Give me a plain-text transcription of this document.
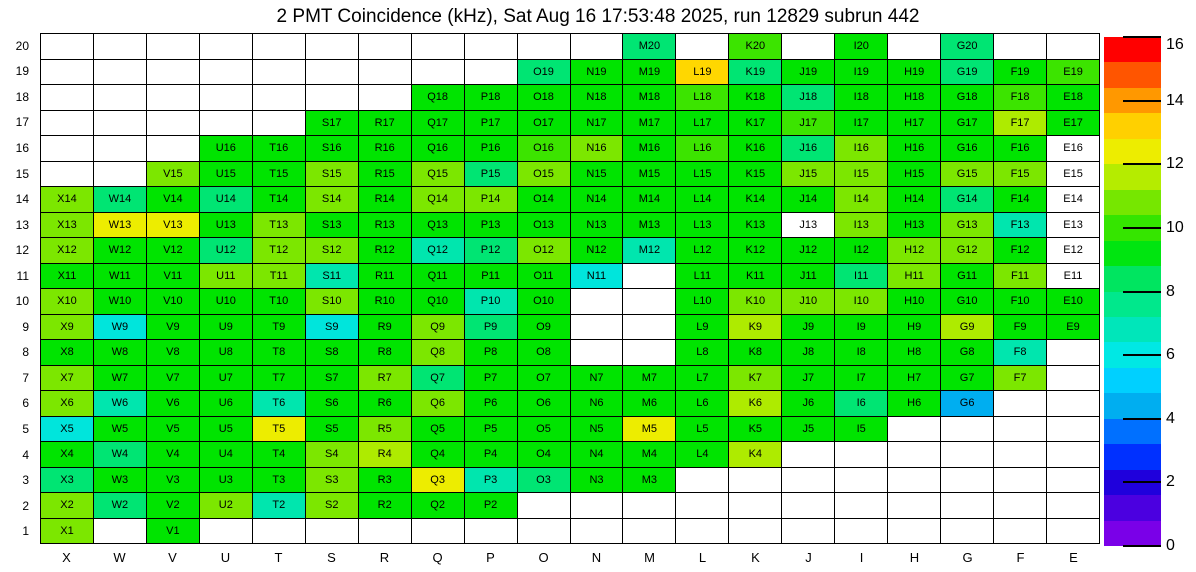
2 PMT Coincidence (kHz), Sat Aug 16 17:53:48 2025, run 12829 subrun 442
20
19
18
17
16
15
14
13
12
11
10
9
8
7
6
5
4
3
2
1
M20	K20	I20	G20
O19	N19	M19	L19	K19	J19	I19	H19	G19	F19	E19
Q18	P18	O18	N18	M18	L18	K18	J18	I18	H18	G18	F18	E18
S17	R17	Q17	P17	O17	N17	M17	L17	K17	J17	I17	H17	G17	F17	E17
U16	T16	S16	R16	Q16	P16	O16	N16	M16	L16	K16	J16	I16	H16	G16	F16	E16
V15	U15	T15	S15	R15	Q15	P15	O15	N15	M15	L15	K15	J15	I15	H15	G15	F15	E15
X14	W14	V14	U14	T14	S14	R14	Q14	P14	O14	N14	M14	L14	K14	J14	I14	H14	G14	F14	E14
X13	W13	V13	U13	T13	S13	R13	Q13	P13	O13	N13	M13	L13	K13	J13	I13	H13	G13	F13	E13
X12	W12	V12	U12	T12	S12	R12	Q12	P12	O12	N12	M12	L12	K12	J12	I12	H12	G12	F12	E12
X11	W11	V11	U11	T11	S11	R11	Q11	P11	O11	N11	L11	K11	J11	I11	H11	G11	F11	E11
X10	W10	V10	U10	T10	S10	R10	Q10	P10	O10	L10	K10	J10	I10	H10	G10	F10	E10
X9	W9	V9	U9	T9	S9	R9	Q9	P9	O9	L9	K9	J9	I9	H9	G9	F9	E9
X8	W8	V8	U8	T8	S8	R8	Q8	P8	O8	L8	K8	J8	I8	H8	G8	F8
X7	W7	V7	U7	T7	S7	R7	Q7	P7	O7	N7	M7	L7	K7	J7	I7	H7	G7	F7
X6	W6	V6	U6	T6	S6	R6	Q6	P6	O6	N6	M6	L6	K6	J6	I6	H6	G6
X5	W5	V5	U5	T5	S5	R5	Q5	P5	O5	N5	M5	L5	K5	J5	I5
X4	W4	V4	U4	T4	S4	R4	Q4	P4	O4	N4	M4	L4	K4
X3	W3	V3	U3	T3	S3	R3	Q3	P3	O3	N3	M3
X2	W2	V2	U2	T2	S2	R2	Q2	P2
X1	V1
X	W	V	U	T	S	R	Q	P	O	N	M	L	K	J	I	H	G	F	E
16
14
12
10
8
6
4
2
0
